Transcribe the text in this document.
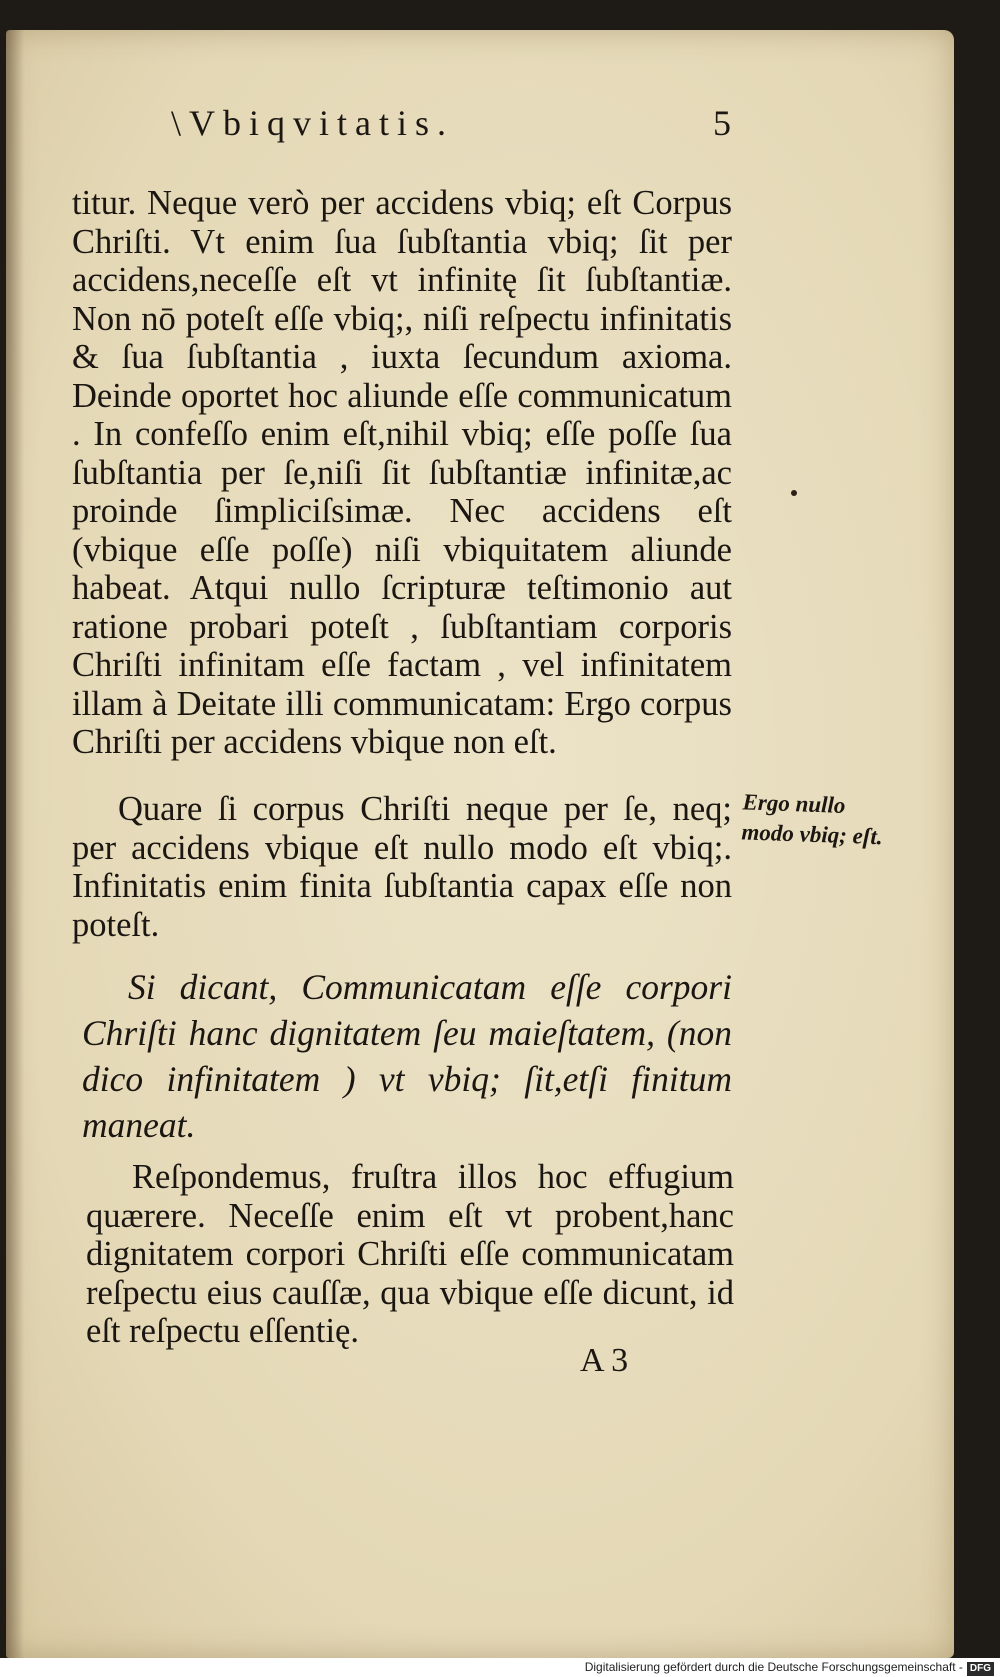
\Vbiqvitatis.	5

titur. Neque verò per accidens vbiq; eſt Corpus Chriſti. Vt enim ſua ſubſtantia vbiq; ſit per accidens,neceſſe eſt vt infinitę ſit ſubſtantiæ. Non nō poteſt eſſe vbiq;, niſi reſpectu infinitatis & ſua ſubſtantia , iuxta ſecundum axioma. Deinde oportet hoc aliunde eſſe communicatum . In confeſſo enim eſt,nihil vbiq; eſſe poſſe ſua ſubſtantia per ſe,niſi ſit ſubſtantiæ infinitæ,ac proinde ſimpliciſsimæ. Nec accidens eſt (vbique eſſe poſſe) niſi vbiquitatem aliunde habeat. Atqui nullo ſcripturæ teſtimonio aut ratione probari poteſt , ſubſtantiam corporis Chriſti infinitam eſſe factam , vel infinitatem illam à Deitate illi communicatam: Ergo corpus Chriſti per accidens vbique non eſt.

Quare ſi corpus Chriſti neque per ſe, neq; per accidens vbique eſt nullo modo eſt vbiq;. Infinitatis enim finita ſubſtantia capax eſſe non poteſt.

Si dicant, Communicatam eſſe corpori Chriſti hanc dignitatem ſeu maieſtatem, (non dico infinitatem ) vt vbiq; ſit,etſi finitum maneat.

Reſpondemus, fruſtra illos hoc effugium quærere. Neceſſe enim eſt vt probent,hanc dignitatem corpori Chriſti eſſe communicatam reſpectu eius cauſſæ, qua vbique eſſe dicunt, id eſt reſpectu eſſentię.

A 3
Ergo nullo modo vbiq; eſt.
Digitalisierung gefördert durch die Deutsche Forschungsgemeinschaft - DFG
